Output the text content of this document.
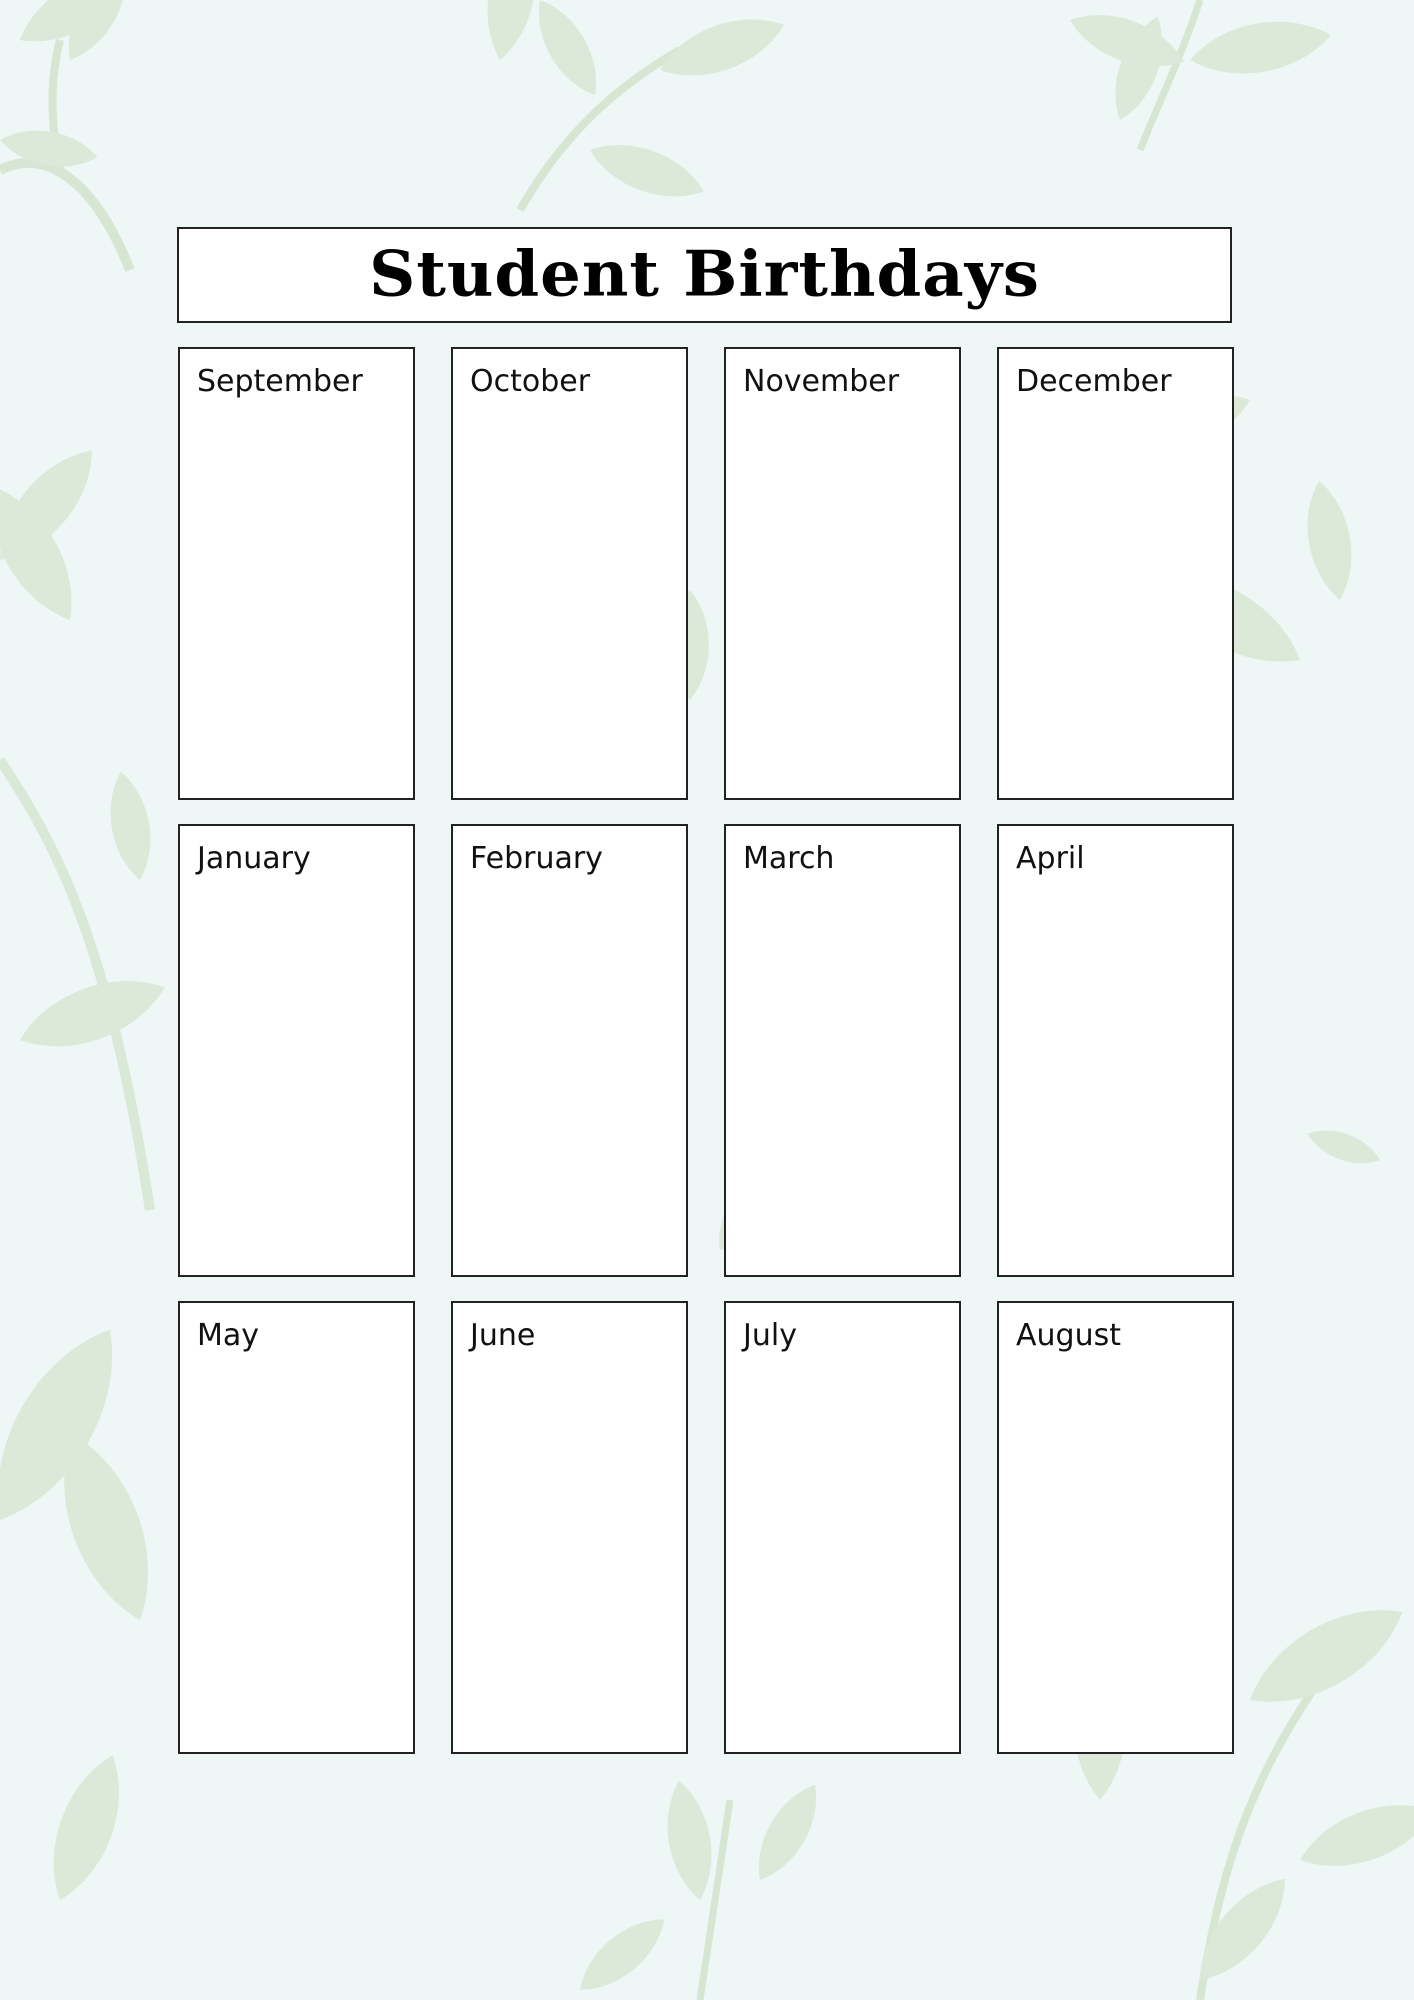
Student Birthdays
September	October	November	December
January	February	March	April
May	June	July	August
